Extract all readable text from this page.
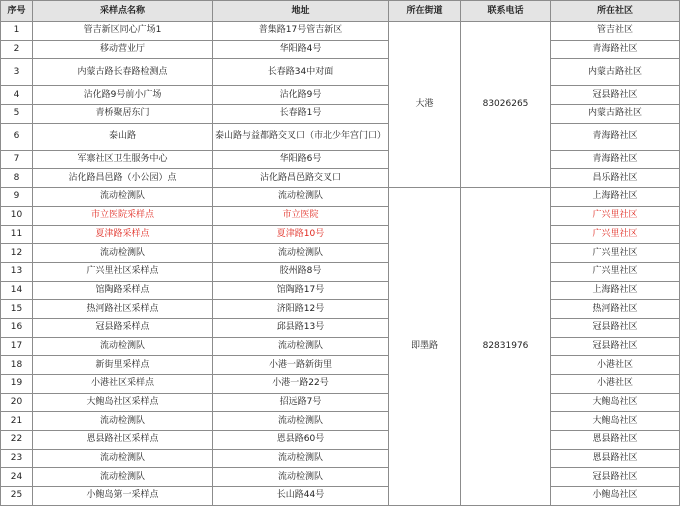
序号	采样点名称	地址	所在街道	联系电话	所在社区
1	管吉新区同心广场1	普集路17号管吉新区	大港	83026265	管吉社区
2	移动营业厅	华阳路4号			青海路社区
3	内蒙古路长春路检测点	长春路34中对面			内蒙古路社区
4	沾化路9号前小广场	沾化路9号			冠县路社区
5	青桥聚居东门	长春路1号			内蒙古路社区
6	泰山路	泰山路与益都路交叉口（市北少年宫门口）			青海路社区
7	军寨社区卫生服务中心	华阳路6号			青海路社区
8	沾化路昌邑路（小公园）点	沾化路昌邑路交叉口			昌乐路社区
9	流动检测队	流动检测队	即墨路	82831976	上海路社区
10	市立医院采样点	市立医院			广兴里社区
11	夏津路采样点	夏津路10号			广兴里社区
12	流动检测队	流动检测队			广兴里社区
13	广兴里社区采样点	胶州路8号			广兴里社区
14	馆陶路采样点	馆陶路17号			上海路社区
15	热河路社区采样点	济阳路12号			热河路社区
16	冠县路采样点	邱县路13号			冠县路社区
17	流动检测队	流动检测队			冠县路社区
18	新街里采样点	小港一路新街里			小港社区
19	小港社区采样点	小港一路22号			小港社区
20	大鲍岛社区采样点	招远路7号			大鲍岛社区
21	流动检测队	流动检测队			大鲍岛社区
22	恩县路社区采样点	恩县路60号			恩县路社区
23	流动检测队	流动检测队			恩县路社区
24	流动检测队	流动检测队			冠县路社区
25	小鲍岛第一采样点	长山路44号			小鲍岛社区
